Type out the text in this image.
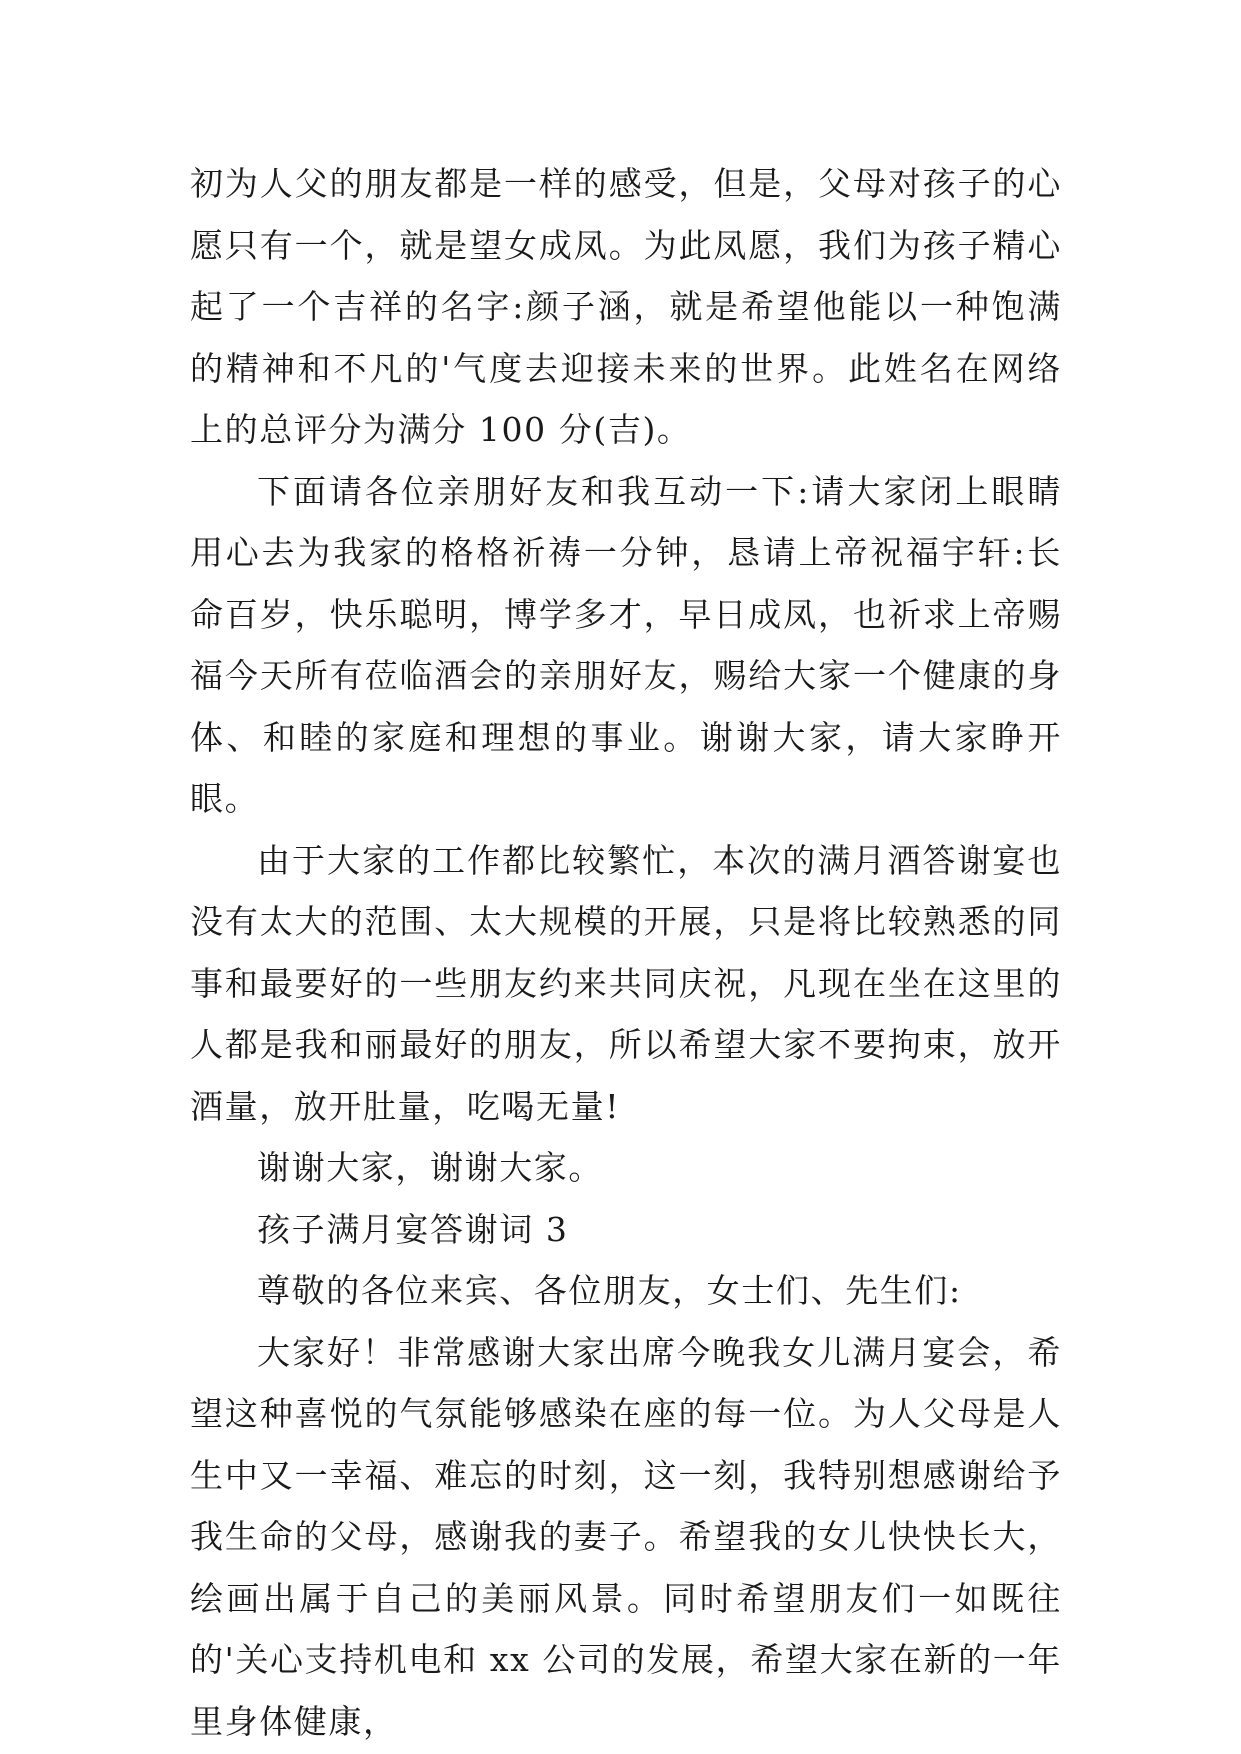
初为人父的朋友都是一样的感受，但是，父母对孩子的心愿只有一个，就是望女成凤。为此凤愿，我们为孩子精心起了一个吉祥的名字:颜子涵，就是希望他能以一种饱满的精神和不凡的'气度去迎接未来的世界。此姓名在网络上的总评分为满分 100 分(吉)。

下面请各位亲朋好友和我互动一下:请大家闭上眼睛用心去为我家的格格祈祷一分钟，恳请上帝祝福宇轩:长命百岁，快乐聪明，博学多才，早日成凤，也祈求上帝赐福今天所有莅临酒会的亲朋好友，赐给大家一个健康的身体、和睦的家庭和理想的事业。谢谢大家，请大家睁开眼。

由于大家的工作都比较繁忙，本次的满月酒答谢宴也没有太大的范围、太大规模的开展，只是将比较熟悉的同事和最要好的一些朋友约来共同庆祝，凡现在坐在这里的人都是我和丽最好的朋友，所以希望大家不要拘束，放开酒量，放开肚量，吃喝无量!

谢谢大家，谢谢大家。

孩子满月宴答谢词 3

尊敬的各位来宾、各位朋友，女士们、先生们:

大家好！非常感谢大家出席今晚我女儿满月宴会，希望这种喜悦的气氛能够感染在座的每一位。为人父母是人生中又一幸福、难忘的时刻，这一刻，我特别想感谢给予我生命的父母，感谢我的妻子。希望我的女儿快快长大，绘画出属于自己的美丽风景。同时希望朋友们一如既往的'关心支持机电和 xx 公司的发展，希望大家在新的一年里身体健康，
